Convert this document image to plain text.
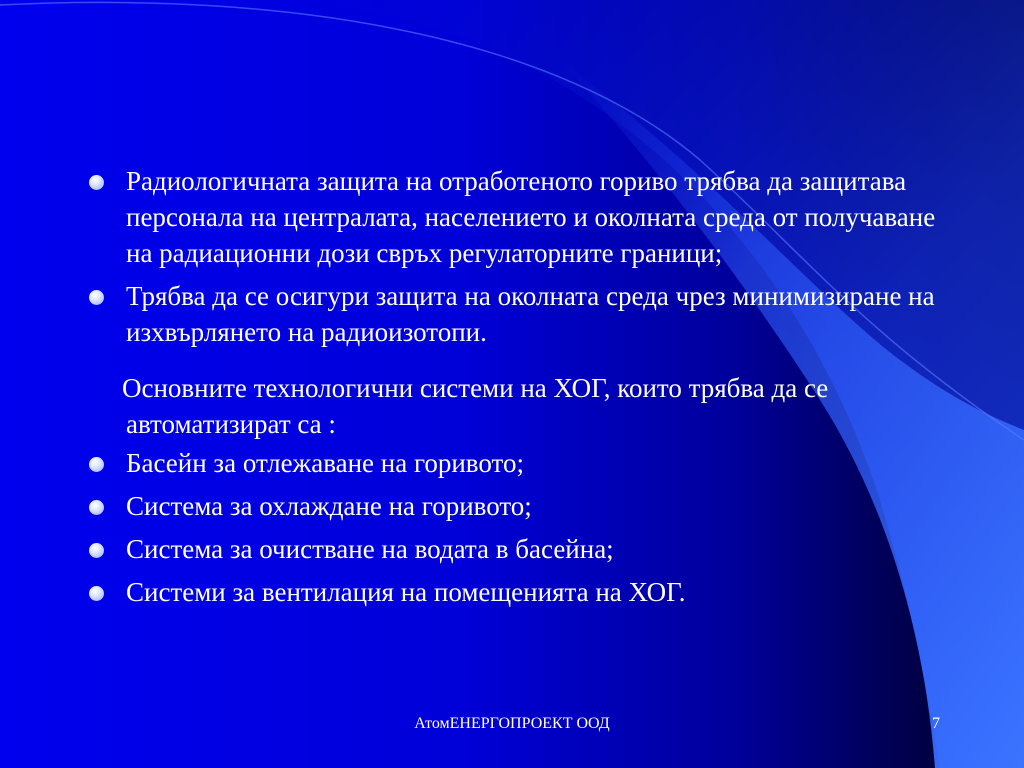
Радиологичната защита на отработеното гориво трябва да защитава персонала на централата, населението и околната среда от получаване на радиационни дози свръх регулаторните граници;
Трябва да се осигури защита на околната среда чрез минимизиране на изхвърлянето на радиоизотопи.

Основните технологични системи на ХОГ, които трябва да се автоматизират са :

Басейн за отлежаване на горивото;
Система за охлаждане на горивото;
Система за очистване на водата в басейна;
Системи за вентилация на помещенията на ХОГ.
АтомЕНЕРГОПРОЕКТ ООД	7
